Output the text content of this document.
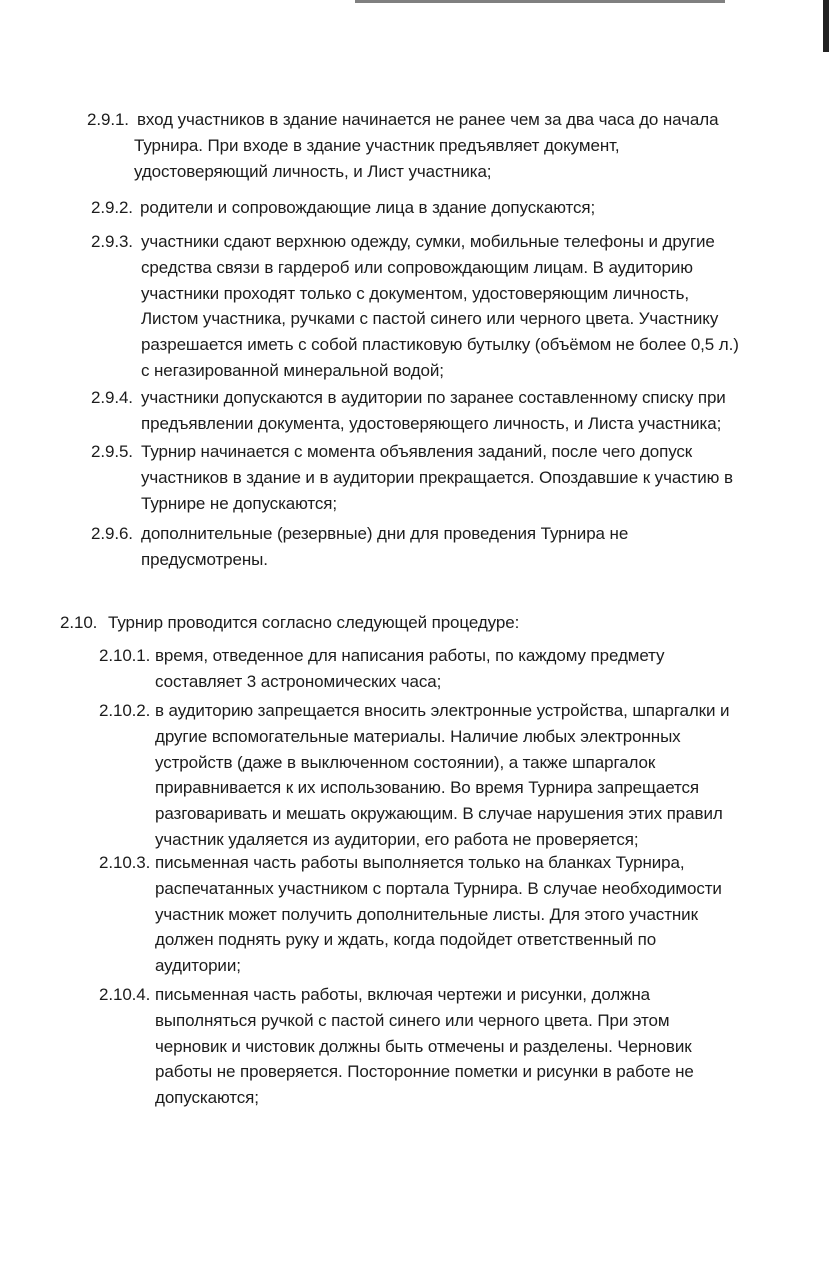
2.9.1. вход участников в здание начинается не ранее чем за два часа до начала
Турнира. При входе в здание участник предъявляет документ,
удостоверяющий личность, и Лист участника;
2.9.2. родители и сопровождающие лица в здание допускаются;
2.9.3. участники сдают верхнюю одежду, сумки, мобильные телефоны и другие
средства связи в гардероб или сопровождающим лицам. В аудиторию
участники проходят только с документом, удостоверяющим личность,
Листом участника, ручками с пастой синего или черного цвета. Участнику
разрешается иметь с собой пластиковую бутылку (объёмом не более 0,5 л.)
с негазированной минеральной водой;
2.9.4. участники допускаются в аудитории по заранее составленному списку при
предъявлении документа, удостоверяющего личность, и Листа участника;
2.9.5. Турнир начинается с момента объявления заданий, после чего допуск
участников в здание и в аудитории прекращается. Опоздавшие к участию в
Турнире не допускаются;
2.9.6. дополнительные (резервные) дни для проведения Турнира не
предусмотрены.
2.10. Турнир проводится согласно следующей процедуре:
2.10.1. время, отведенное для написания работы, по каждому предмету
составляет 3 астрономических часа;
2.10.2. в аудиторию запрещается вносить электронные устройства, шпаргалки и
другие вспомогательные материалы. Наличие любых электронных
устройств (даже в выключенном состоянии), а также шпаргалок
приравнивается к их использованию. Во время Турнира запрещается
разговаривать и мешать окружающим. В случае нарушения этих правил
участник удаляется из аудитории, его работа не проверяется;
2.10.3. письменная часть работы выполняется только на бланках Турнира,
распечатанных участником с портала Турнира. В случае необходимости
участник может получить дополнительные листы. Для этого участник
должен поднять руку и ждать, когда подойдет ответственный по
аудитории;
2.10.4. письменная часть работы, включая чертежи и рисунки, должна
выполняться ручкой с пастой синего или черного цвета. При этом
черновик и чистовик должны быть отмечены и разделены. Черновик
работы не проверяется. Посторонние пометки и рисунки в работе не
допускаются;
